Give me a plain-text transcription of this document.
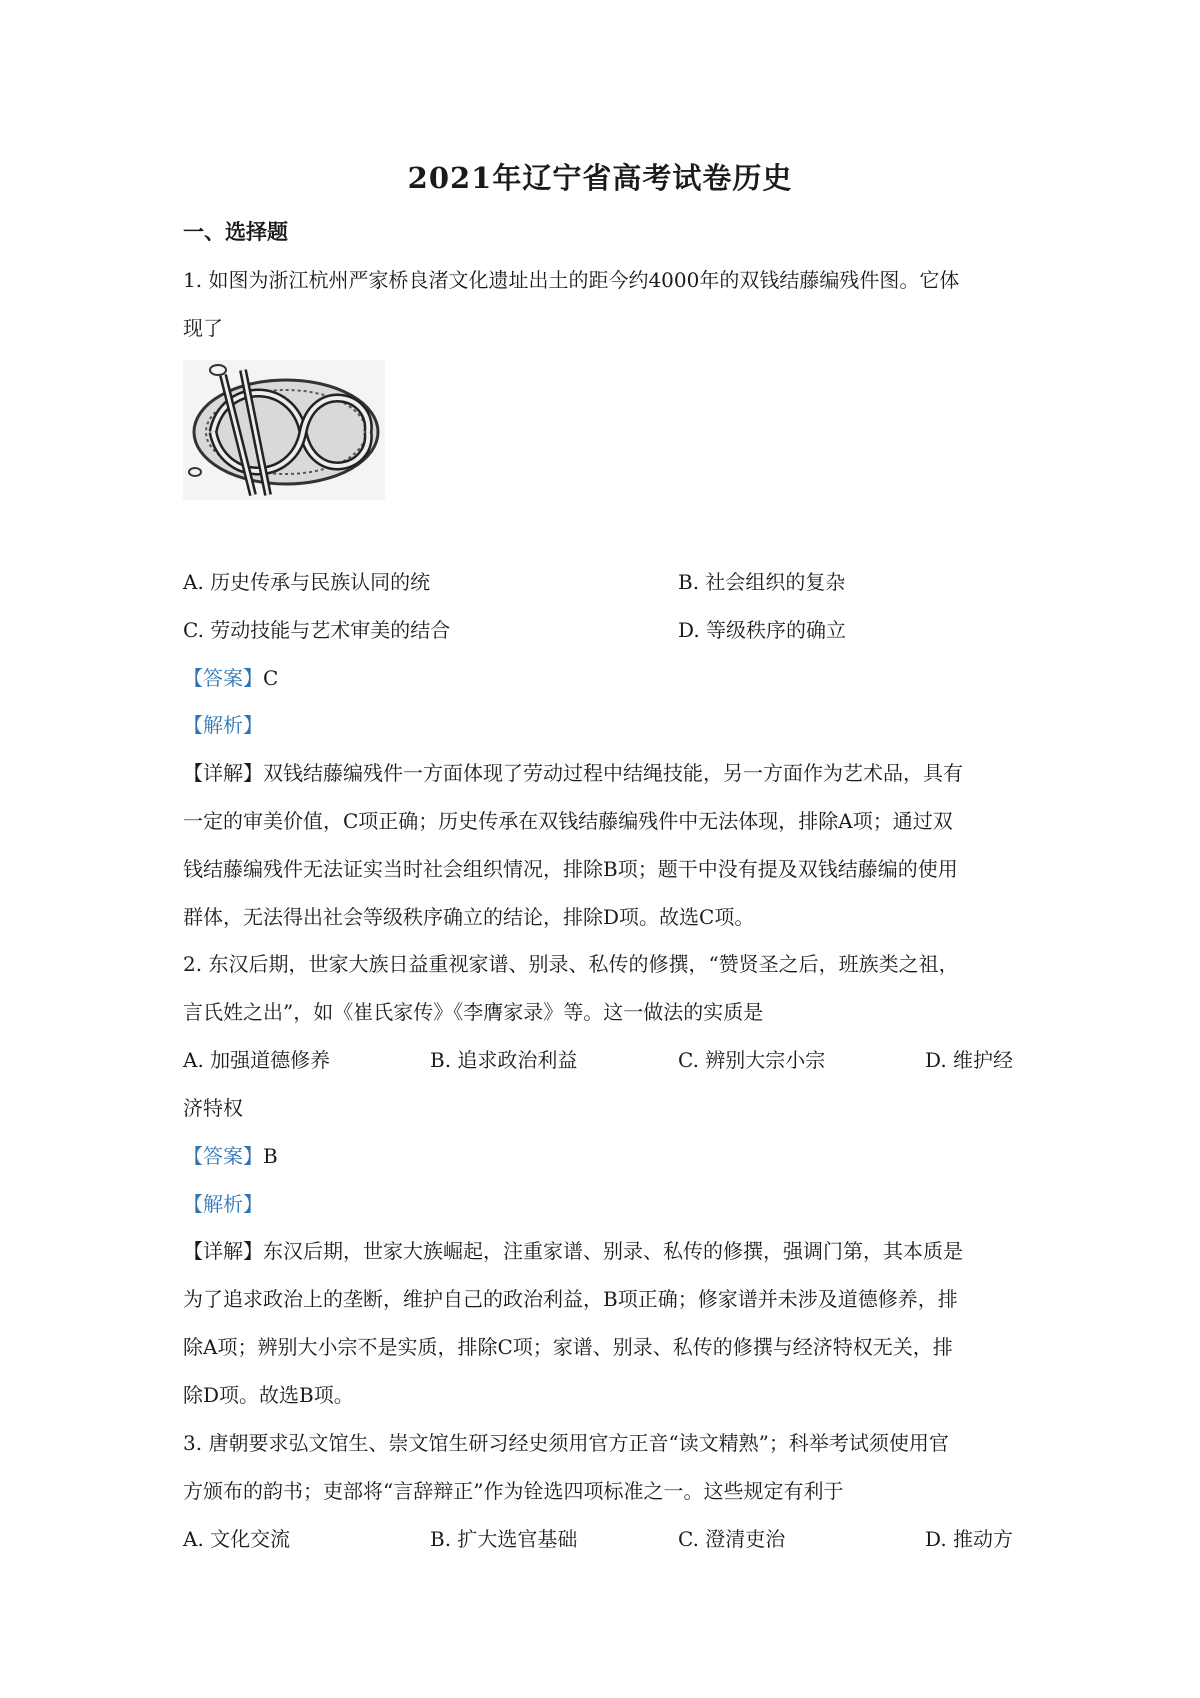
2021年辽宁省高考试卷历史
一、选择题
1. 如图为浙江杭州严家桥良渚文化遗址出土的距今约4000年的双钱结藤编残件图。它体
现了
A. 历史传承与民族认同的统	B. 社会组织的复杂
C. 劳动技能与艺术审美的结合	D. 等级秩序的确立
【答案】C
【解析】
【详解】双钱结藤编残件一方面体现了劳动过程中结绳技能，另一方面作为艺术品，具有
一定的审美价值，C项正确；历史传承在双钱结藤编残件中无法体现，排除A项；通过双
钱结藤编残件无法证实当时社会组织情况，排除B项；题干中没有提及双钱结藤编的使用
群体，无法得出社会等级秩序确立的结论，排除D项。故选C项。
2. 东汉后期，世家大族日益重视家谱、别录、私传的修撰，“赞贤圣之后，班族类之祖，
言氏姓之出”，如《崔氏家传》《李膺家录》等。这一做法的实质是
A. 加强道德修养	B. 追求政治利益	C. 辨别大宗小宗	D. 维护经
济特权
【答案】B
【解析】
【详解】东汉后期，世家大族崛起，注重家谱、别录、私传的修撰，强调门第，其本质是
为了追求政治上的垄断，维护自己的政治利益，B项正确；修家谱并未涉及道德修养，排
除A项；辨别大小宗不是实质，排除C项；家谱、别录、私传的修撰与经济特权无关，排
除D项。故选B项。
3. 唐朝要求弘文馆生、崇文馆生研习经史须用官方正音“读文精熟”；科举考试须使用官
方颁布的韵书；吏部将“言辞辩正”作为铨选四项标准之一。这些规定有利于
A. 文化交流	B. 扩大选官基础	C. 澄清吏治	D. 推动方
